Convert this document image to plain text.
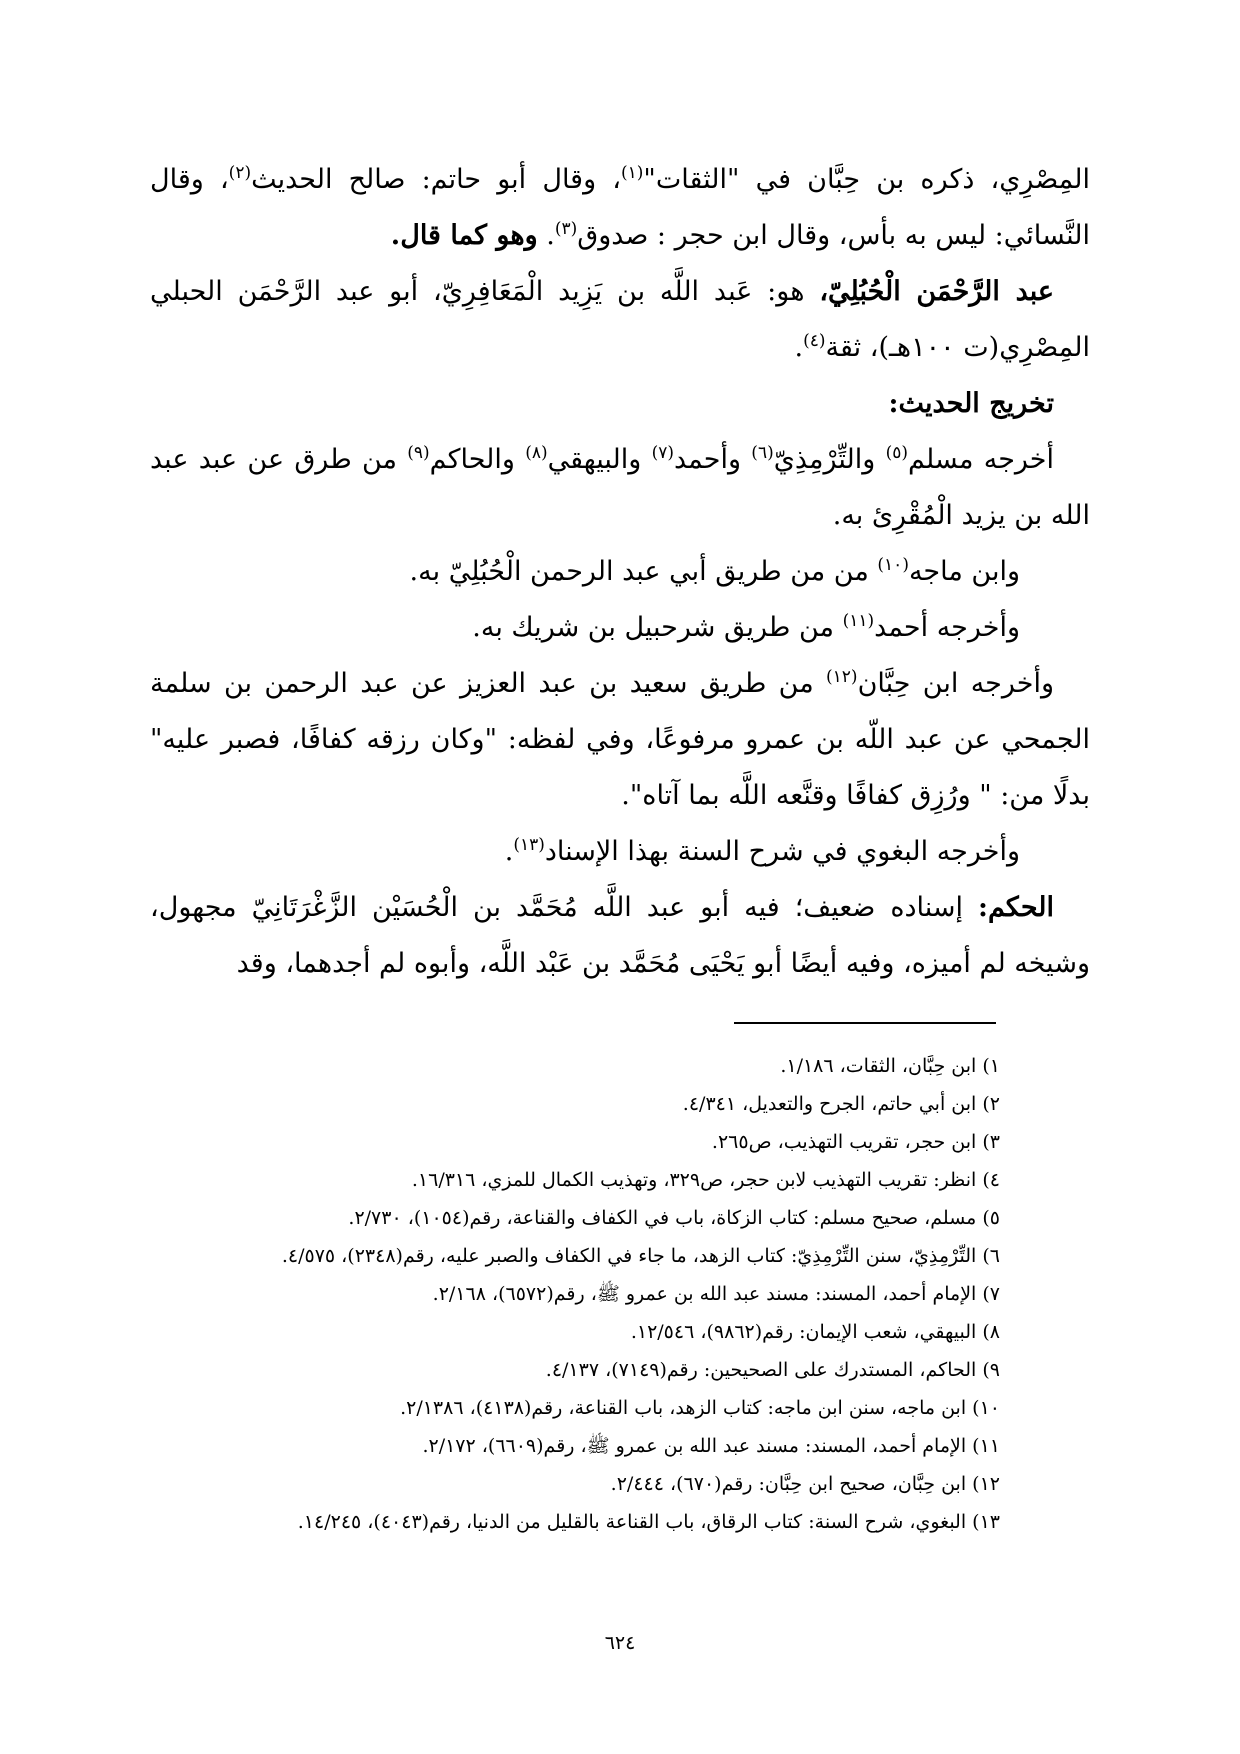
المِصْرِي، ذكره بن حِبَّان في "الثقات"$^{(١)}$، وقال أبو حاتم: صالح الحديث$^{(٢)}$، وقال النَّسائي: ليس به بأس، وقال ابن حجر : صدوق$^{(٣)}$. وهو كما قال.

عبد الرَّحْمَن الْحُبُلِيّ، هو: عَبد اللَّه بن يَزِيد الْمَعَافِرِيّ، أبو عبد الرَّحْمَن الحبلي المِصْرِي(ت ١٠٠هـ)، ثقة$^{(٤)}$.

تخريج الحديث:

أخرجه مسلم$^{(٥)}$ والتِّرْمِذِيّ$^{(٦)}$ وأحمد$^{(٧)}$ والبيهقي$^{(٨)}$ والحاكم$^{(٩)}$ من طرق عن عبد عبد الله بن يزيد الْمُقْرِئ به.

وابن ماجه$^{(١٠)}$ من من طريق أبي عبد الرحمن الْحُبُلِيّ به.

وأخرجه أحمد$^{(١١)}$ من طريق شرحبيل بن شريك به.

وأخرجه ابن حِبَّان$^{(١٢)}$ من طريق سعيد بن عبد العزيز عن عبد الرحمن بن سلمة الجمحي عن عبد اللّه بن عمرو مرفوعًا، وفي لفظه: "وكان رزقه كفافًا، فصبر عليه" بدلًا من: " ورُزِق كفافًا وقنَّعه اللَّه بما آتاه".

وأخرجه البغوي في شرح السنة بهذا الإسناد$^{(١٣)}$.

الحكم: إسناده ضعيف؛ فيه أبو عبد اللَّه مُحَمَّد بن الْحُسَيْن الزَّغْرَتَانِيّ مجهول، وشيخه لم أميزه، وفيه أيضًا أبو يَحْيَى مُحَمَّد بن عَبْد اللَّه، وأبوه لم أجدهما، وقد

١) ابن حِبَّان، الثقات، ١/١٨٦.

٢) ابن أبي حاتم، الجرح والتعديل، ٤/٣٤١.

٣) ابن حجر، تقريب التهذيب، ص٢٦٥.

٤) انظر: تقريب التهذيب لابن حجر، ص٣٢٩، وتهذيب الكمال للمزي، ١٦/٣١٦.

٥) مسلم، صحيح مسلم: كتاب الزكاة، باب في الكفاف والقناعة، رقم(١٠٥٤)، ٢/٧٣٠.

٦) التِّرْمِذِيّ، سنن التِّرْمِذِيّ: كتاب الزهد، ما جاء في الكفاف والصبر عليه، رقم(٢٣٤٨)، ٤/٥٧٥.

٧) الإمام أحمد، المسند: مسند عبد الله بن عمرو ﷺ، رقم(٦٥٧٢)، ٢/١٦٨.

٨) البيهقي، شعب الإيمان: رقم(٩٨٦٢)، ١٢/٥٤٦.

٩) الحاكم، المستدرك على الصحيحين: رقم(٧١٤٩)، ٤/١٣٧.

١٠) ابن ماجه، سنن ابن ماجه: كتاب الزهد، باب القناعة، رقم(٤١٣٨)، ٢/١٣٨٦.

١١) الإمام أحمد، المسند: مسند عبد الله بن عمرو ﷺ، رقم(٦٦٠٩)، ٢/١٧٢.

١٢) ابن حِبَّان، صحيح ابن حِبَّان: رقم(٦٧٠)، ٢/٤٤٤.

١٣) البغوي، شرح السنة: كتاب الرقاق، باب القناعة بالقليل من الدنيا، رقم(٤٠٤٣)، ١٤/٢٤٥.

٦٢٤
